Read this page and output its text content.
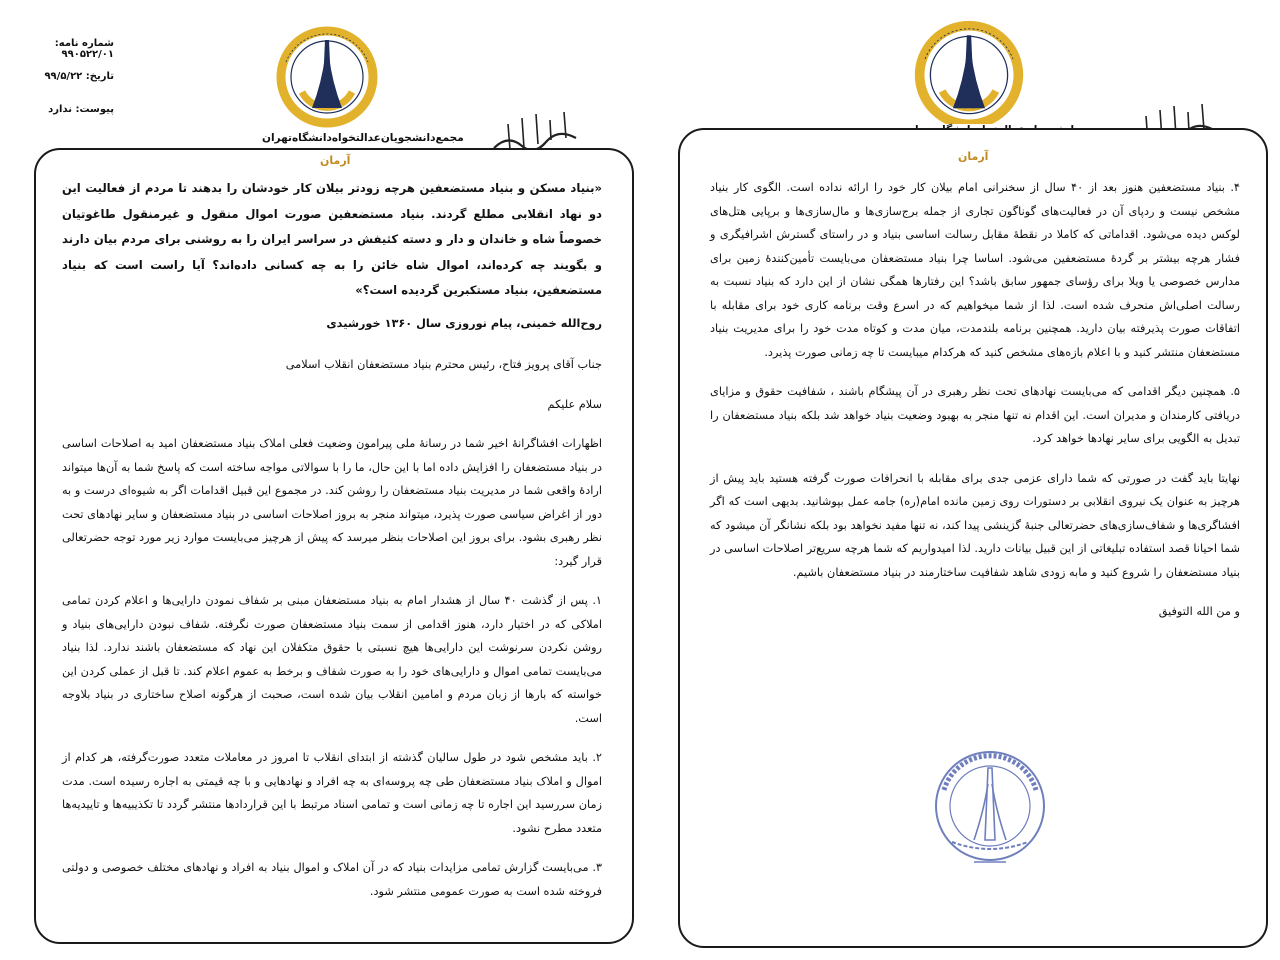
شماره نامه: ۹۹۰۵۲۲/۰۱
تاریخ: ۹۹/۵/۲۲
پیوست: ندارد
مجمع‌دانشجویان‌عدالتخواه‌دانشگاه‌تهران
آرمان

«بنیاد مسکن و بنیاد مستضعفین هرچه زودتر بیلان کار خودشان را بدهند تا مردم از فعالیت این دو نهاد انقلابی مطلع گردند. بنیاد مستضعفین صورت اموال منقول و غیرمنقول طاغوتیان خصوصاً شاه و خاندان و دار و دسته کثیفش در سراسر ایران را به روشنی برای مردم بیان دارند و بگویند چه کرده‌اند، اموال شاه خائن را به چه کسانی داده‌اند؟ آیا راست است که بنیاد مستضعفین، بنیاد مستکبرین گردیده است؟»

روح‌الله خمینی، پیام نوروزی سال ۱۳۶۰ خورشیدی

جناب آقای پرویز فتاح، رئیس محترم بنیاد مستضعفان انقلاب اسلامی

سلام علیکم

اظهارات افشاگرانهٔ اخیر شما در رسانهٔ ملی پیرامون وضعیت فعلی املاک بنیاد مستضعفان امید به اصلاحات اساسی در بنیاد مستضعفان را افزایش داده اما با این حال، ما را با سوالاتی مواجه ساخته است که پاسخ شما به آن‌ها میتواند ارادهٔ واقعی شما در مدیریت بنیاد مستضعفان را روشن کند. در مجموع این قبیل اقدامات اگر به شیوه‌ای درست و به دور از اغراض سیاسی صورت پذیرد، میتواند منجر به بروز اصلاحات اساسی در بنیاد مستضعفان و سایر نهادهای تحت نظر رهبری بشود. برای بروز این اصلاحات بنظر میرسد که پیش از هرچیز می‌بایست موارد زیر مورد توجه حضرتعالی قرار گیرد:

۱. پس از گذشت ۴۰ سال از هشدار امام به بنیاد مستضعفان مبنی بر شفاف نمودن دارایی‌ها و اعلام کردن تمامی املاکی که در اختیار دارد، هنوز اقدامی از سمت بنیاد مستضعفان صورت نگرفته. شفاف نبودن دارایی‌های بنیاد و روشن نکردن سرنوشت این دارایی‌ها هیچ نسبتی با حقوق متکفلان این نهاد که مستضعفان باشند ندارد. لذا بنیاد می‌بایست تمامی اموال و دارایی‌های خود را به صورت شفاف و برخط به عموم اعلام کند. تا قبل از عملی کردن این خواسته که بارها از زبان مردم و امامین انقلاب بیان شده است، صحبت از هرگونه اصلاح ساختاری در بنیاد بلاوجه است.

۲. باید مشخص شود در طول سالیان گذشته از ابتدای انقلاب تا امروز در معاملات متعدد صورت‌گرفته، هر کدام از اموال و املاک بنیاد مستضعفان طی چه پروسه‌ای به چه افراد و نهادهایی و با چه قیمتی به اجاره رسیده است. مدت زمان سررسید این اجاره تا چه زمانی است و تمامی اسناد مرتبط با این قراردادها منتشر گردد تا تکذیبیه‌ها و تاییدیه‌ها متعدد مطرح نشود.

۳. می‌بایست گزارش تمامی مزایدات بنیاد که در آن املاک و اموال بنیاد به افراد و نهادهای مختلف خصوصی و دولتی فروخته شده است به صورت عمومی منتشر شود.

آرمان

۴. بنیاد مستضعفین هنوز بعد از ۴۰ سال از سخنرانی امام بیلان کار خود را ارائه نداده است. الگوی کار بنیاد مشخص نیست و ردپای آن در فعالیت‌های گوناگون تجاری از جمله برج‌سازی‌ها و مال‌سازی‌ها و برپایی هتل‌های لوکس دیده می‌شود. اقداماتی که کاملا در نقطهٔ مقابل رسالت اساسی بنیاد و در راستای گسترش اشرافیگری و فشار هرچه بیشتر بر گردهٔ مستضعفین می‌شود. اساسا چرا بنیاد مستضعفان می‌بایست تأمین‌کنندهٔ زمین برای مدارس خصوصی یا ویلا برای رؤسای جمهور سابق باشد؟ این رفتارها همگی نشان از این دارد که بنیاد نسبت به رسالت اصلی‌اش منحرف شده است. لذا از شما میخواهیم که در اسرع وقت برنامه کاری خود برای مقابله با اتفاقات صورت پذیرفته بیان دارید. همچنین برنامه بلندمدت، میان مدت و کوتاه مدت خود را برای مدیریت بنیاد مستضعفان منتشر کنید و با اعلام بازه‌های مشخص کنید که هرکدام میبایست تا چه زمانی صورت پذیرد.

۵. همچنین دیگر اقدامی که می‌بایست نهادهای تحت نظر رهبری در آن پیشگام باشند ، شفافیت حقوق و مزایای دریافتی کارمندان و مدیران است. این اقدام نه تنها منجر به بهبود وضعیت بنیاد خواهد شد بلکه بنیاد مستضعفان را تبدیل به الگویی برای سایر نهادها خواهد کرد.

نهایتا باید گفت در صورتی که شما دارای عزمی جدی برای مقابله با انحرافات صورت گرفته هستید باید پیش از هرچیز به عنوان یک نیروی انقلابی بر دستورات روی زمین مانده امام(ره) جامه عمل بپوشانید. بدیهی است که اگر افشاگری‌ها و شفاف‌سازی‌های حضرتعالی جنبهٔ گزینشی پیدا کند، نه تنها مفید نخواهد بود بلکه نشانگر آن میشود که شما احیانا قصد استفاده تبلیغاتی از این قبیل بیانات دارید. لذا امیدواریم که شما هرچه سریع‌تر اصلاحات اساسی در بنیاد مستضعفان را شروع کنید و مابه زودی شاهد شفافیت ساختارمند در بنیاد مستضعفان باشیم.

و من الله التوفیق
